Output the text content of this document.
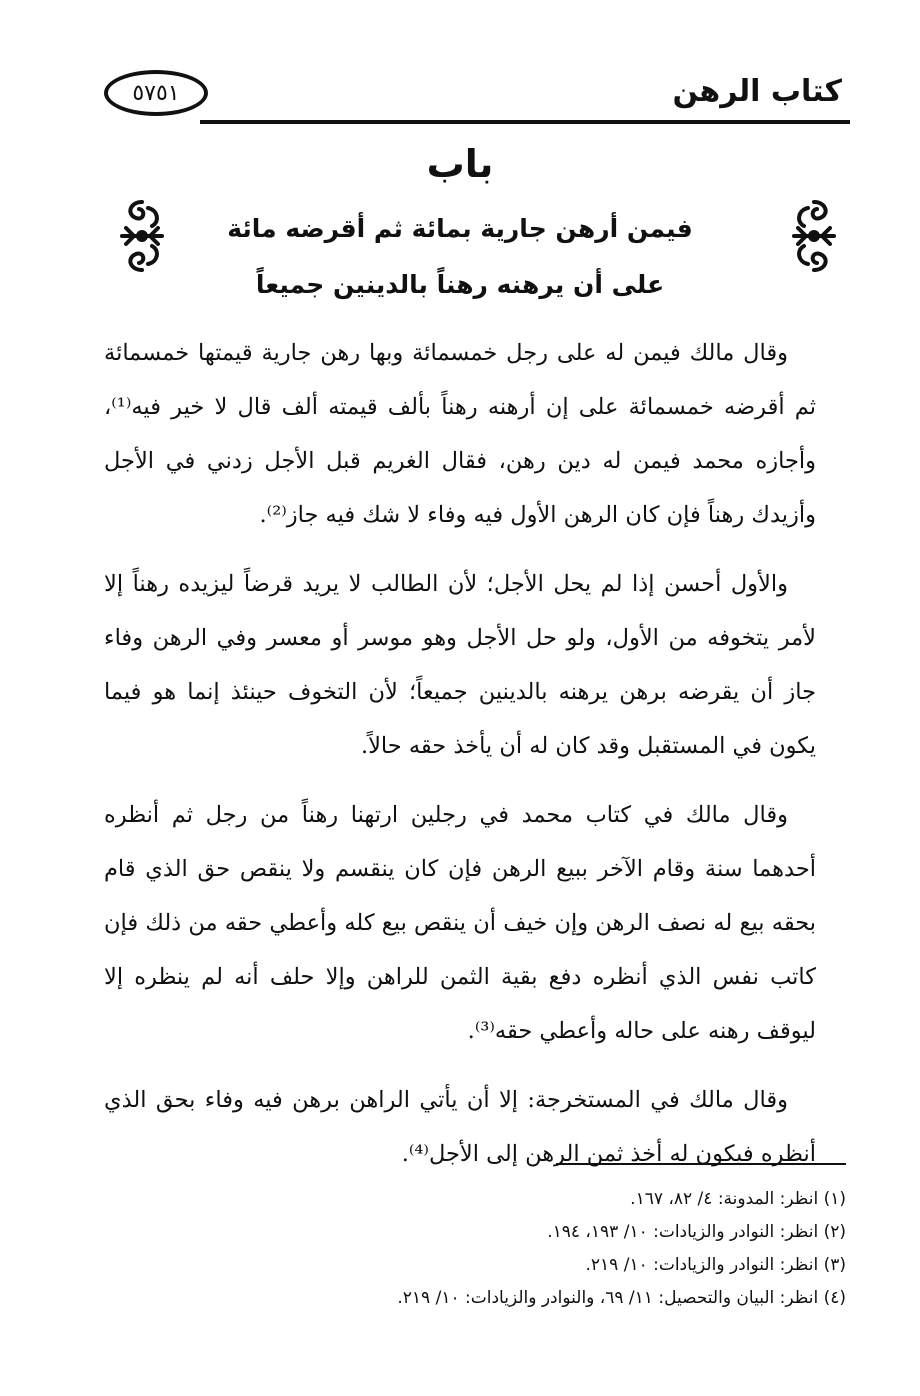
كتاب الرهن
٥٧٥١
باب
فيمن أرهن جارية بمائة ثم أقرضه مائة
على أن يرهنه رهناً بالدينين جميعاً

وقال مالك فيمن له على رجل خمسمائة وبها رهن جارية قيمتها خمسمائة ثم أقرضه خمسمائة على إن أرهنه رهناً بألف قيمته ألف قال لا خير فيه⁽¹⁾، وأجازه محمد فيمن له دين رهن، فقال الغريم قبل الأجل زدني في الأجل وأزيدك رهناً فإن كان الرهن الأول فيه وفاء لا شك فيه جاز⁽²⁾.

والأول أحسن إذا لم يحل الأجل؛ لأن الطالب لا يريد قرضاً ليزيده رهناً إلا لأمر يتخوفه من الأول، ولو حل الأجل وهو موسر أو معسر وفي الرهن وفاء جاز أن يقرضه برهن يرهنه بالدينين جميعاً؛ لأن التخوف حينئذ إنما هو فيما يكون في المستقبل وقد كان له أن يأخذ حقه حالاً.

وقال مالك في كتاب محمد في رجلين ارتهنا رهناً من رجل ثم أنظره أحدهما سنة وقام الآخر ببيع الرهن فإن كان ينقسم ولا ينقص حق الذي قام بحقه بيع له نصف الرهن وإن خيف أن ينقص بيع كله وأعطي حقه من ذلك فإن كاتب نفس الذي أنظره دفع بقية الثمن للراهن وإلا حلف أنه لم ينظره إلا ليوقف رهنه على حاله وأعطي حقه⁽³⁾.

وقال مالك في المستخرجة: إلا أن يأتي الراهن برهن فيه وفاء بحق الذي أنظره فيكون له أخذ ثمن الرهن إلى الأجل⁽⁴⁾.

(١) انظر: المدونة: ٤/ ٨٢، ١٦٧.
(٢) انظر: النوادر والزيادات: ١٠/ ١٩٣، ١٩٤.
(٣) انظر: النوادر والزيادات: ١٠/ ٢١٩.
(٤) انظر: البيان والتحصيل: ١١/ ٦٩، والنوادر والزيادات: ١٠/ ٢١٩.
